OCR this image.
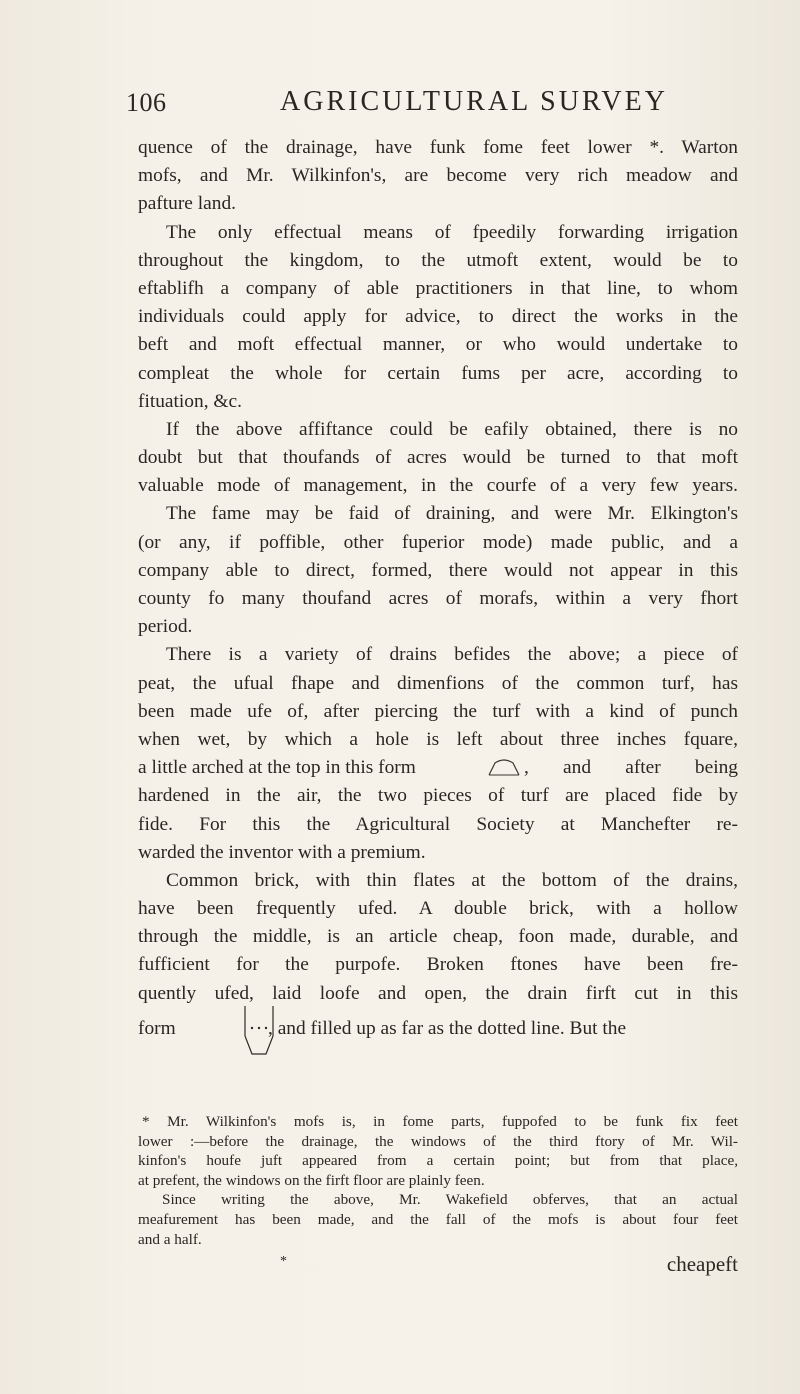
106	AGRICULTURAL SURVEY
quence of the drainage, have funk fome feet lower *. Warton
mofs, and Mr. Wilkinfon's, are become very rich meadow and
pafture land.
The only effectual means of fpeedily forwarding irrigation
throughout the kingdom, to the utmoft extent, would be to
eftablifh a company of able practitioners in that line, to whom
individuals could apply for advice, to direct the works in the
beft and moft effectual manner, or who would undertake to
compleat the whole for certain fums per acre, according to
fituation, &c.
If the above affiftance could be eafily obtained, there is no
doubt but that thoufands of acres would be turned to that moft
valuable mode of management, in the courfe of a very few years.
The fame may be faid of draining, and were Mr. Elkington's
(or any, if poffible, other fuperior mode) made public, and a
company able to direct, formed, there would not appear in this
county fo many thoufand acres of morafs, within a very fhort
period.
There is a variety of drains befides the above; a piece of
peat, the ufual fhape and dimenfions of the common turf, has
been made ufe of, after piercing the turf with a kind of punch
when wet, by which a hole is left about three inches fquare,
a little arched at the top in this form	, and after being
hardened in the air, the two pieces of turf are placed fide by
fide. For this the Agricultural Society at Manchefter re-
warded the inventor with a premium.
Common brick, with thin flates at the bottom of the drains,
have been frequently ufed. A double brick, with a hollow
through the middle, is an article cheap, foon made, durable, and
fufficient for the purpofe. Broken ftones have been fre-
quently ufed, laid loofe and open, the drain firft cut in this
form	, and filled up as far as the dotted line. But the
* Mr. Wilkinfon's mofs is, in fome parts, fuppofed to be funk fix feet
lower :—before the drainage, the windows of the third ftory of Mr. Wil-
kinfon's houfe juft appeared from a certain point; but from that place,
at prefent, the windows on the firft floor are plainly feen.
Since writing the above, Mr. Wakefield obferves, that an actual
meafurement has been made, and the fall of the mofs is about four feet
and a half.
*	cheapeft
